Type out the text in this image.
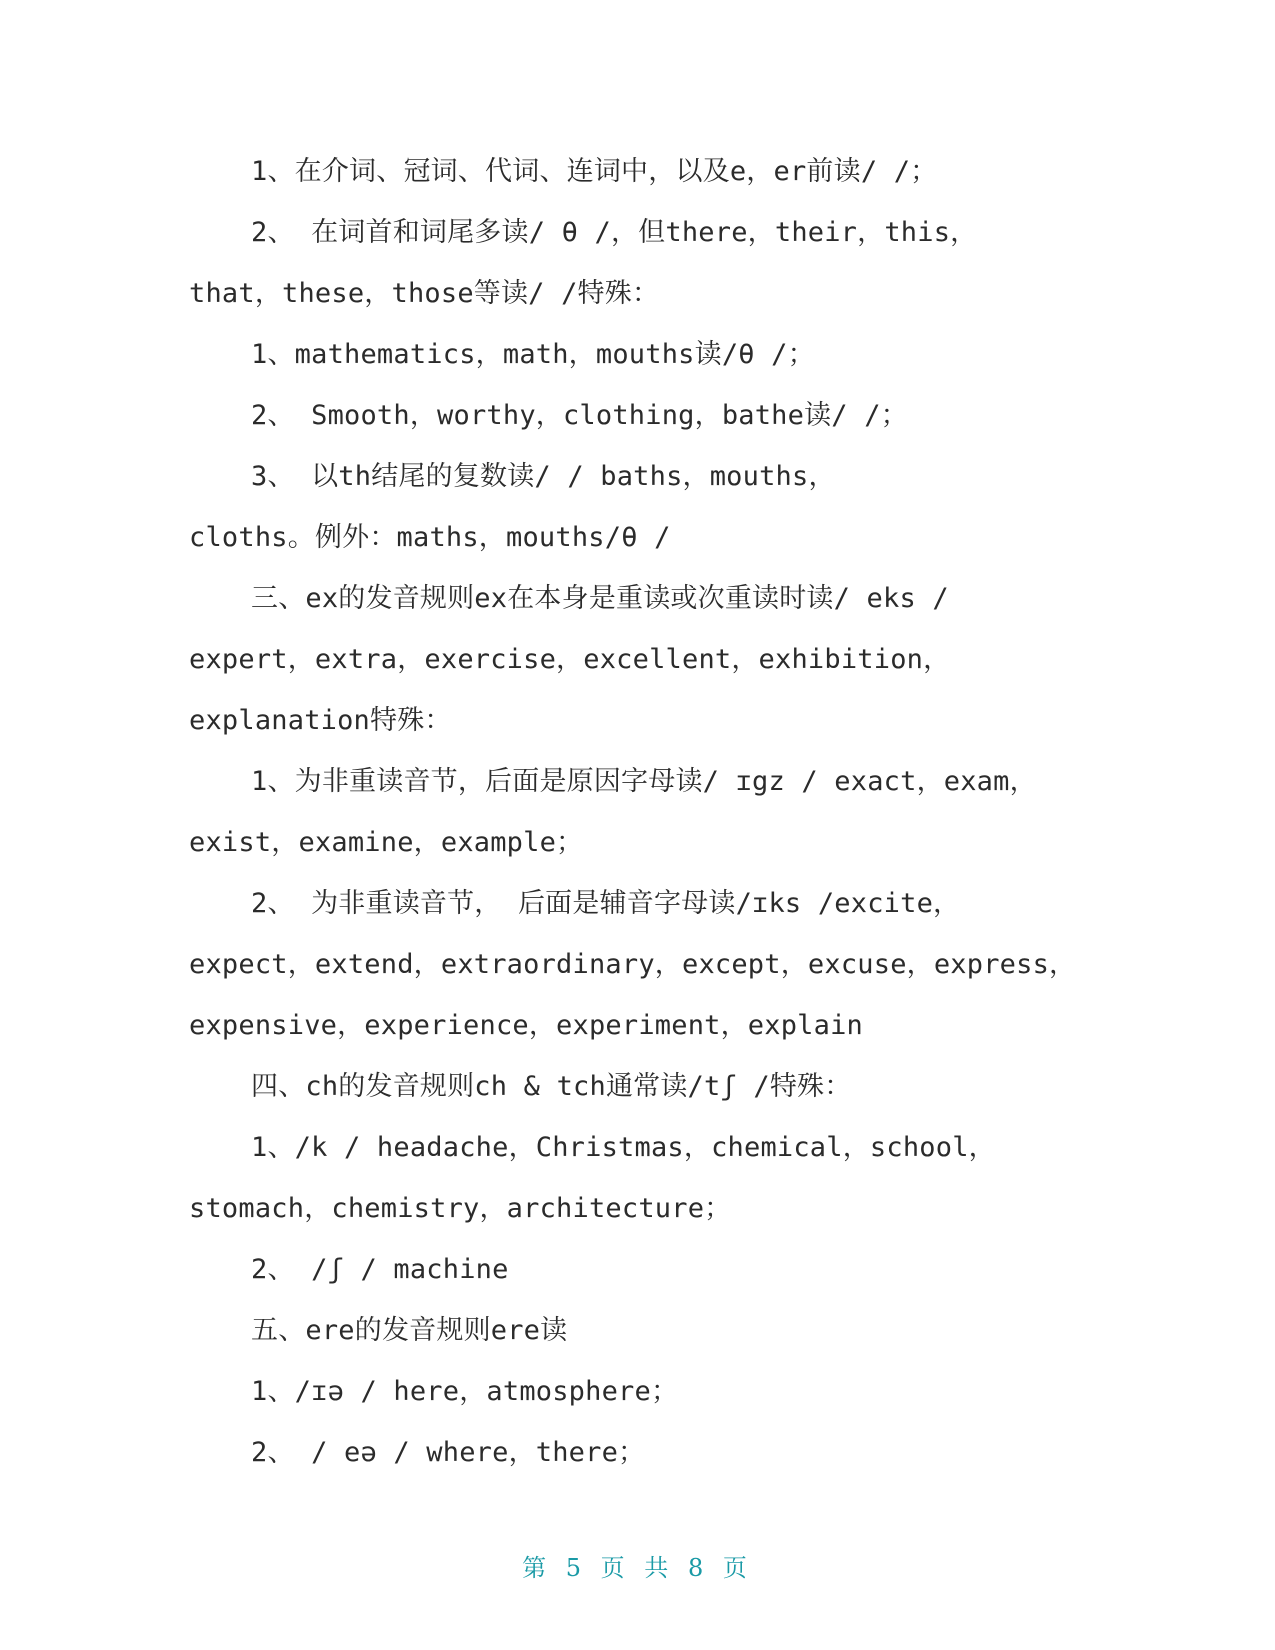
1、在介词、冠词、代词、连词中，以及e，er前读/ /；
2、 在词首和词尾多读/ θ /，但there，their，this，
that，these，those等读/ /特殊：
1、mathematics，math，mouths读/θ /；
2、 Smooth，worthy，clothing，bathe读/ /；
3、 以th结尾的复数读/ / baths，mouths，
cloths。例外：maths，mouths/θ /
三、ex的发音规则ex在本身是重读或次重读时读/ eks /
expert，extra，exercise，excellent，exhibition，
explanation特殊：
1、为非重读音节，后面是原因字母读/ ɪgz / exact，exam，
exist，examine，example；
2、 为非重读音节， 后面是辅音字母读/ɪks /excite，
expect，extend，extraordinary，except，excuse，express，
expensive，experience，experiment，explain
四、ch的发音规则ch & tch通常读/tʃ /特殊：
1、/k / headache，Christmas，chemical，school，
stomach，chemistry，architecture；
2、 /ʃ / machine
五、ere的发音规则ere读
1、/ɪə / here，atmosphere；
2、 / eə / where，there；
第 5 页 共 8 页
